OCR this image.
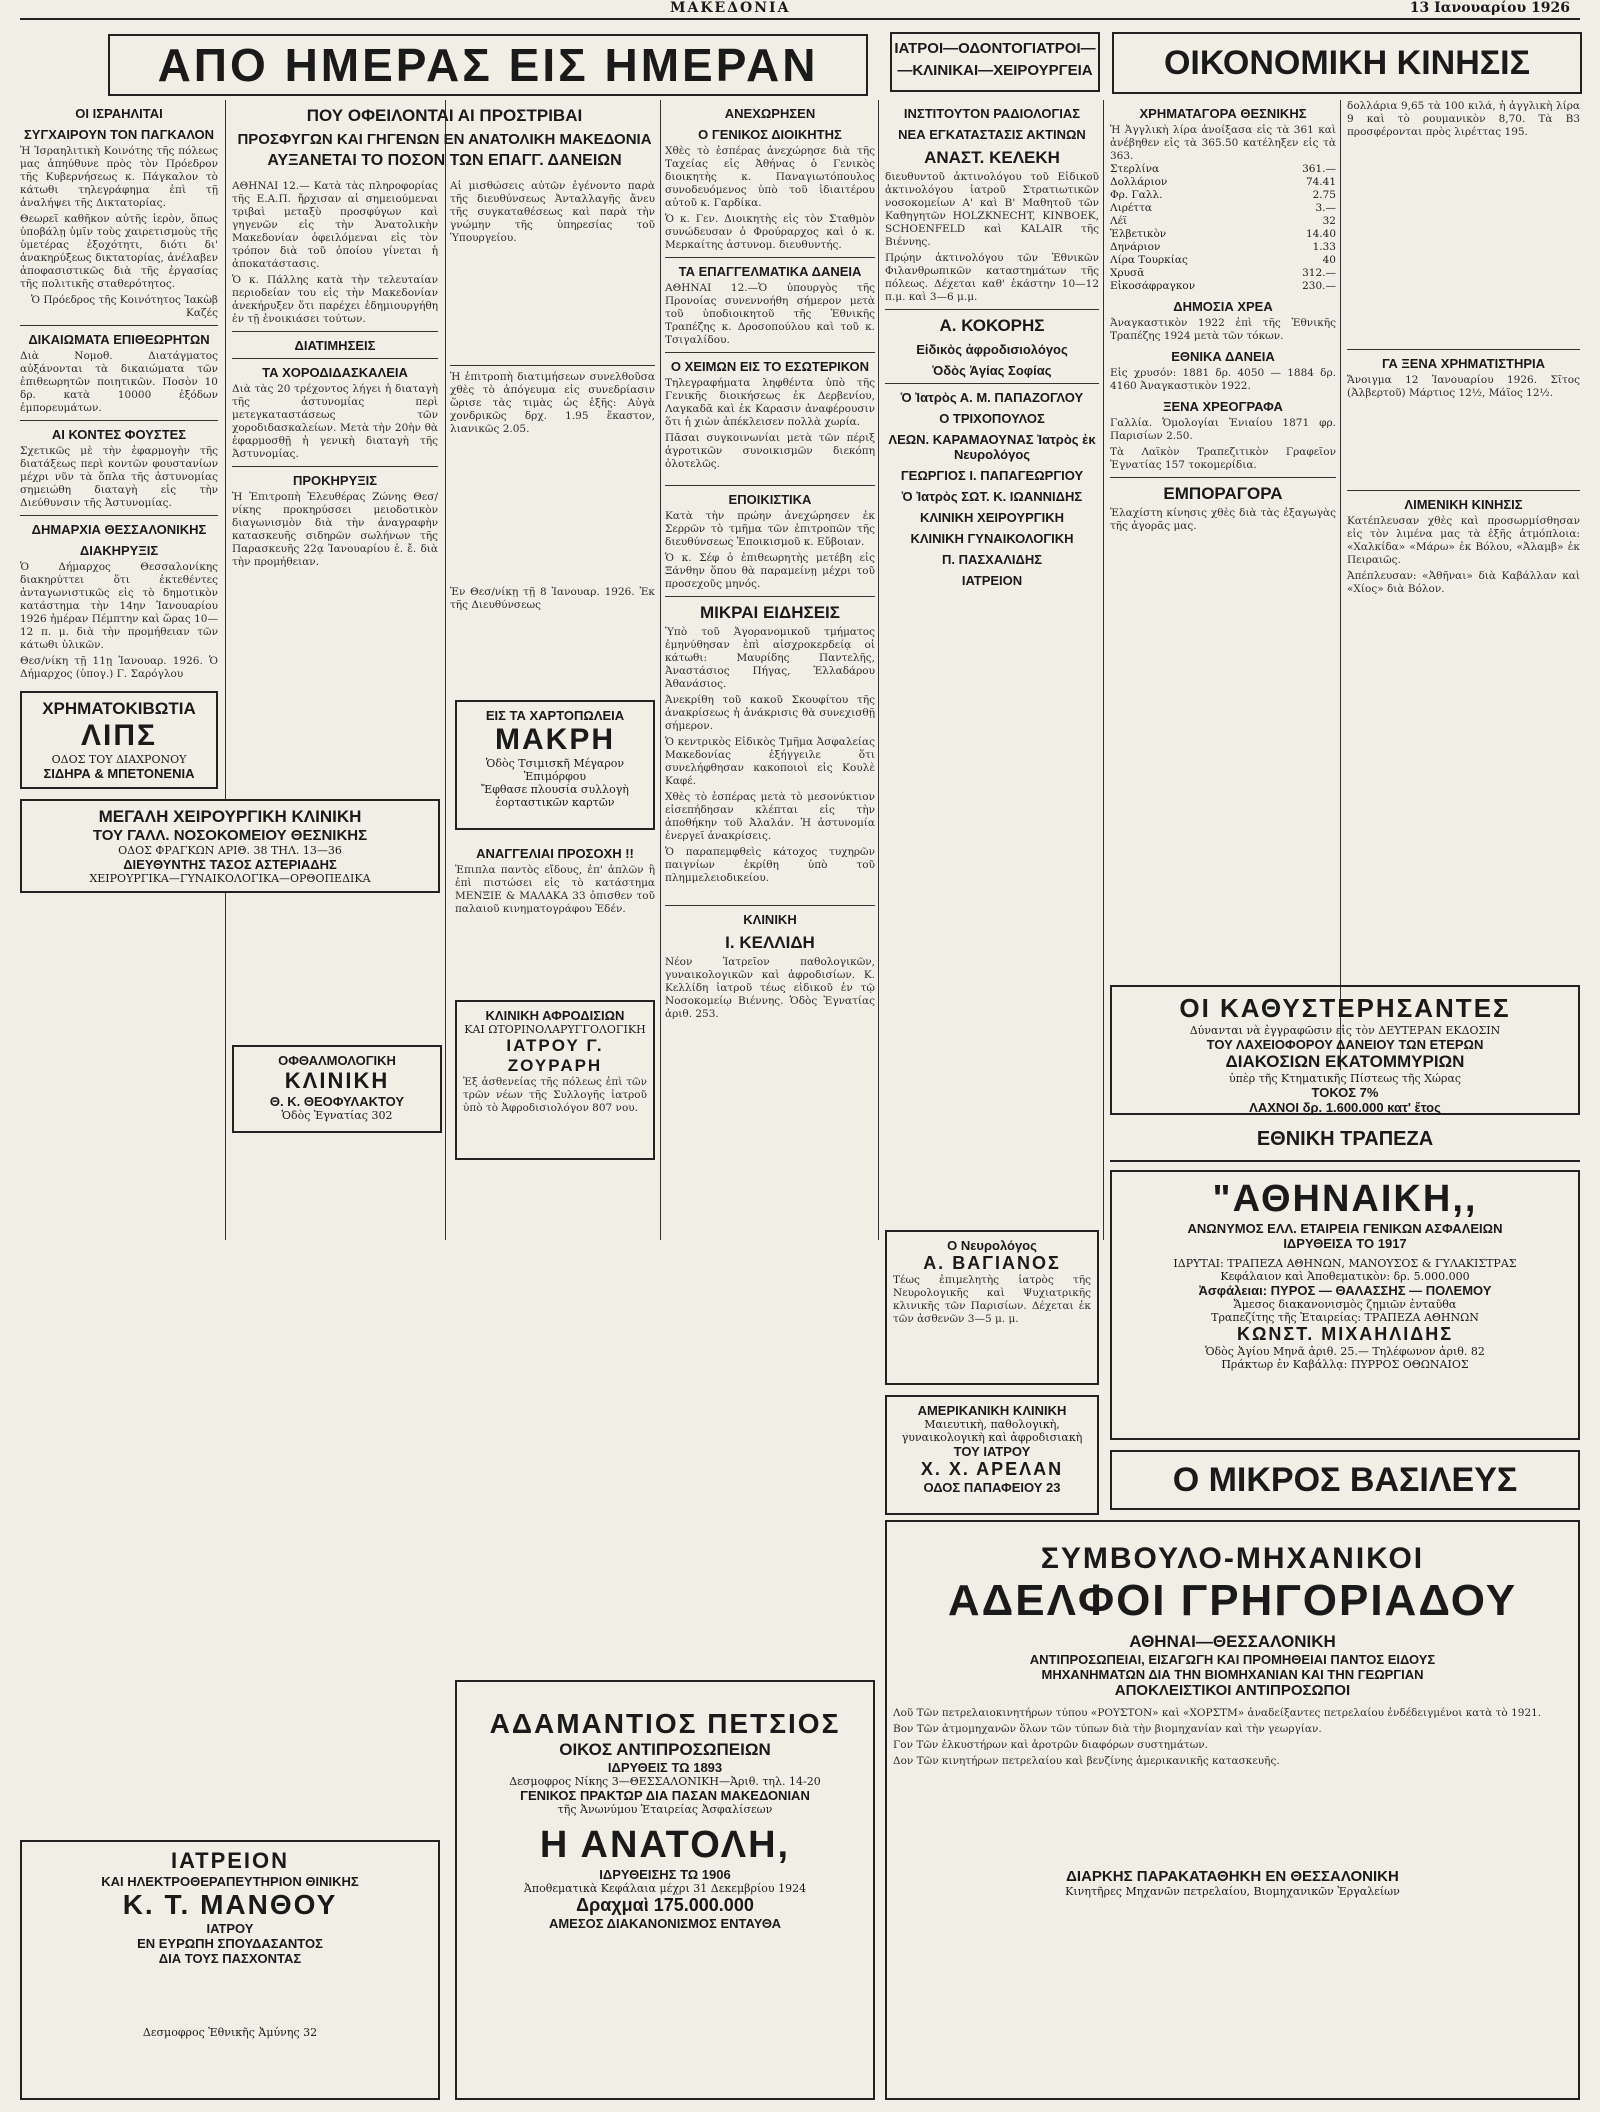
ΜΑΚΕΔΟΝΙΑ	13 Ιανουαρίου 1926
ΑΠΟ ΗΜΕΡΑΣ ΕΙΣ ΗΜΕΡΑΝ	ΙΑΤΡΟΙ—ΟΔΟΝΤΟΓΙΑΤΡΟΙ—
—ΚΛΙΝΙΚΑΙ—ΧΕΙΡΟΥΡΓΕΙΑ	ΟΙΚΟΝΟΜΙΚΗ ΚΙΝΗΣΙΣ
ΟΙ ΙΣΡΑΗΛΙΤΑΙ
ΣΥΓΧΑΙΡΟΥΝ ΤΟΝ ΠΑΓΚΑΛΟΝ

Ἡ Ἰσραηλιτικὴ Κοινότης τῆς πόλεως μας ἀπηύθυνε πρὸς τὸν Πρόεδρον τῆς Κυβερνήσεως κ. Πάγκαλον τὸ κάτωθι τηλεγράφημα ἐπὶ τῇ ἀναλήψει τῆς Δικτατορίας.

Θεωρεῖ καθῆκον αὐτῆς ἱερὸν, ὅπως ὑποβάλῃ ὑμῖν τοὺς χαιρετισμοὺς τῆς ὑμετέρας ἐξοχότητι, διότι δι' ἀνακηρύξεως δικτατορίας, ἀνέλαβεν ἀποφασιστικῶς διὰ τῆς ἐργασίας τῆς πολιτικῆς σταθερότητος.

Ὁ Πρόεδρος τῆς Κοινότητος Ἰακὼβ Καζές

ΔΙΚΑΙΩΜΑΤΑ ΕΠΙΘΕΩΡΗΤΩΝ

Διὰ Νομοθ. Διατάγματος αὐξάνονται τὰ δικαιώματα τῶν ἐπιθεωρητῶν ποιητικῶν. Ποσὸν 10 δρ. κατὰ 10000 ἐξόδων ἐμπορευμάτων.

ΑΙ ΚΟΝΤΕΣ ΦΟΥΣΤΕΣ

Σχετικῶς μὲ τὴν ἐφαρμογὴν τῆς διατάξεως περὶ κοντῶν φουστανίων μέχρι νῦν τὰ ὅπλα τῆς ἀστυνομίας σημειώθη διαταγὴ εἰς τὴν Διεύθυνσιν τῆς Ἀστυνομίας.

ΔΗΜΑΡΧΙΑ ΘΕΣΣΑΛΟΝΙΚΗΣ
ΔΙΑΚΗΡΥΞΙΣ

Ὁ Δήμαρχος Θεσσαλονίκης διακηρύττει ὅτι ἐκτεθέντες ἀνταγωνιστικῶς εἰς τὸ δημοτικὸν κατάστημα τὴν 14ην Ἰανουαρίου 1926 ἡμέραν Πέμπτην καὶ ὥρας 10—12 π. μ. διὰ τὴν προμήθειαν τῶν κάτωθι ὑλικῶν.

Θεσ/νίκη τῇ 11ῃ Ἰανουαρ. 1926. Ὁ Δήμαρχος (ὑπογ.) Γ. Σαρόγλου

ΧΡΗΜΑΤΟΚΙΒΩΤΙΑ
ΛΙΠΣ
ΟΔΟΣ ΤΟΥ ΔΙΑΧΡΟΝΟΥ
ΣΙΔΗΡΑ & ΜΠΕΤΟΝΕΝΙΑ
ΜΕΓΑΛΗ ΧΕΙΡΟΥΡΓΙΚΗ ΚΛΙΝΙΚΗ
ΤΟΥ ΓΑΛΛ. ΝΟΣΟΚΟΜΕΙΟΥ ΘΕΣΝΙΚΗΣ
ΟΔΟΣ ΦΡΑΓΚΩΝ ΑΡΙΘ. 38 ΤΗΛ. 13—36
ΔΙΕΥΘΥΝΤΗΣ ΤΑΣΟΣ ΑΣΤΕΡΙΑΔΗΣ
ΧΕΙΡΟΥΡΓΙΚΑ—ΓΥΝΑΙΚΟΛΟΓΙΚΑ—ΟΡΘΟΠΕΔΙΚΑ
ΙΑΤΡΕΙΟΝ
ΚΑΙ ΗΛΕΚΤΡΟΘΕΡΑΠΕΥΤΗΡΙΟΝ ΘΙΝΙΚΗΣ
Κ. Τ. ΜΑΝΘΟΥ
ΙΑΤΡΟΥ
ΕΝ ΕΥΡΩΠΗ ΣΠΟΥΔΑΣΑΝΤΟΣ
ΔΙΑ ΤΟΥΣ ΠΑΣΧΟΝΤΑΣ
Δεσμοφρος Ἐθνικῆς Ἀμύνης 32
ΠΟΥ ΟΦΕΙΛΟΝΤΑΙ ΑΙ ΠΡΟΣΤΡΙΒΑΙ
ΠΡΟΣΦΥΓΩΝ ΚΑΙ ΓΗΓΕΝΩΝ ΕΝ ΑΝΑΤΟΛΙΚΗ ΜΑΚΕΔΟΝΙΑ
ΑΥΞΑΝΕΤΑΙ ΤΟ ΠΟΣΟΝ ΤΩΝ ΕΠΑΓΓ. ΔΑΝΕΙΩΝ

ΑΘΗΝΑΙ 12.— Κατὰ τὰς πληροφορίας τῆς Ε.Α.Π. ἤρχισαν αἱ σημειούμεναι τριβαὶ μεταξὺ προσφύγων καὶ γηγενῶν εἰς τὴν Ἀνατολικὴν Μακεδονίαν ὀφειλόμεναι εἰς τὸν τρόπον διὰ τοῦ ὁποίου γίνεται ἡ ἀποκατάστασις.

Ὁ κ. Πάλλης κατὰ τὴν τελευταίαν περιοδείαν του εἰς τὴν Μακεδονίαν ἀνεκήρυξεν ὅτι παρέχει ἐδημιουργήθη ἐν τῇ ἐνοικιάσει τούτων.

ΔΙΑΤΙΜΗΣΕΙΣ
ΤΑ ΧΟΡΟΔΙΔΑΣΚΑΛΕΙΑ

Διὰ τὰς 20 τρέχοντος λήγει ἡ διαταγὴ τῆς ἀστυνομίας περὶ μετεγκαταστάσεως τῶν χοροδιδασκαλείων. Μετὰ τὴν 20ὴν θὰ ἐφαρμοσθῇ ἡ γενικὴ διαταγὴ τῆς Ἀστυνομίας.

ΠΡΟΚΗΡΥΞΙΣ

Ἡ Ἐπιτροπὴ Ἐλευθέρας Ζώνης Θεσ/νίκης προκηρύσσει μειοδοτικὸν διαγωνισμὸν διὰ τὴν ἀναγραφὴν κατασκευῆς σιδηρῶν σωλήνων τῆς Παρασκευῆς 22ᾳ Ἰανουαρίου ἐ. ἔ. διὰ τὴν προμήθειαν.

Αἱ μισθώσεις αὐτῶν ἐγένοντο παρὰ τῆς διευθύνσεως Ἀνταλλαγῆς ἄνευ τῆς συγκαταθέσεως καὶ παρὰ τὴν γνώμην τῆς ὑπηρεσίας τοῦ Ὑπουργείου.

Ἡ ἐπιτροπὴ διατιμήσεων συνελθοῦσα χθὲς τὸ ἀπόγευμα εἰς συνεδρίασιν ὥρισε τὰς τιμὰς ὡς ἑξῆς: Αὐγὰ χονδρικῶς δρχ. 1.95 ἕκαστον, λιανικῶς 2.05.

Ἐν Θεσ/νίκῃ τῇ 8 Ἰανουαρ. 1926. Ἐκ τῆς Διευθύνσεως

ΟΦΘΑΛΜΟΛΟΓΙΚΗ
ΚΛΙΝΙΚΗ
Θ. Κ. ΘΕΟΦΥΛΑΚΤΟΥ
Ὁδὸς Ἐγνατίας 302
ΑΝΕΧΩΡΗΣΕΝ
Ο ΓΕΝΙΚΟΣ ΔΙΟΙΚΗΤΗΣ

Χθὲς τὸ ἑσπέρας ἀνεχώρησε διὰ τῆς Ταχείας εἰς Ἀθήνας ὁ Γενικὸς διοικητὴς κ. Παναγιωτόπουλος συνοδευόμενος ὑπὸ τοῦ ἰδιαιτέρου αὐτοῦ κ. Γαρδίκα.

Ὁ κ. Γεν. Διοικητὴς εἰς τὸν Σταθμὸν συνώδευσαν ὁ Φρούραρχος καὶ ὁ κ. Μερκαίτης ἀστυνομ. διευθυντής.

ΤΑ ΕΠΑΓΓΕΛΜΑΤΙΚΑ ΔΑΝΕΙΑ

ΑΘΗΝΑΙ 12.—Ὁ ὑπουργὸς τῆς Προνοίας συνεννοήθη σήμερον μετὰ τοῦ ὑποδιοικητοῦ τῆς Ἐθνικῆς Τραπέζης κ. Δροσοπούλου καὶ τοῦ κ. Τσιγαλίδου.

Ο ΧΕΙΜΩΝ ΕΙΣ ΤΟ ΕΣΩΤΕΡΙΚΟΝ

Τηλεγραφήματα ληφθέντα ὑπὸ τῆς Γενικῆς διοικήσεως ἐκ Δερβενίου, Λαγκαδᾶ καὶ ἐκ Καρασιν ἀναφέρουσιν ὅτι ἡ χιὼν ἀπέκλεισεν πολλὰ χωρία.

Πᾶσαι συγκοινωνίαι μετὰ τῶν πέριξ ἀγροτικῶν συνοικισμῶν διεκόπη ὁλοτελῶς.

ΕΙΣ ΤΑ ΧΑΡΤΟΠΩΛΕΙΑ
ΜΑΚΡΗ
Ὁδὸς Τσιμισκῆ Μέγαρον Ἐπιμόρφου
Ἔφθασε πλουσία συλλογὴ ἑορταστικῶν καρτῶν
ΑΝΑΓΓΕΛΙΑΙ ΠΡΟΣΟΧΗ !!

Ἐπιπλα παντὸς εἴδους, ἐπ' ἀπλῶν ἢ ἐπὶ πιστώσει εἰς τὸ κατάστημα ΜΕΝΞΙΕ & ΜΑΛΑΚΑ 33 ὀπισθεν τοῦ παλαιοῦ κινηματογράφου Ἐδέν.

ΚΛΙΝΙΚΗ ΑΦΡΟΔΙΣΙΩΝ
ΚΑΙ ΩΤΟΡΙΝΟΛΑΡΥΓΓΟΛΟΓΙΚΗ
ΙΑΤΡΟΥ Γ. ΖΟΥΡΑΡΗ

Ἐξ ἀσθενείας τῆς πόλεως ἐπὶ τῶν τρῶν νέων τῆς Συλλογῆς ἰατροῦ ὑπὸ τὸ Ἀφροδισιολόγον 807 νου.

ΑΔΑΜΑΝΤΙΟΣ ΠΕΤΣΙΟΣ
ΟΙΚΟΣ ΑΝΤΙΠΡΟΣΩΠΕΙΩΝ
ΙΔΡΥΘΕΙΣ ΤΩ 1893
Δεσμοφρος Νίκης 3—ΘΕΣΣΑΛΟΝΙΚΗ—Ἀριθ. τηλ. 14-20
ΓΕΝΙΚΟΣ ΠΡΑΚΤΩΡ ΔΙΑ ΠΑΣΑΝ ΜΑΚΕΔΟΝΙΑΝ
τῆς Ἀνωνύμου Ἑταιρείας Ἀσφαλίσεων
Η ΑΝΑΤΟΛΗ,
ΙΔΡΥΘΕΙΣΗΣ ΤΩ 1906
Ἀποθεματικὰ Κεφάλαια μέχρι 31 Δεκεμβρίου 1924
Δραχμαὶ 175.000.000
ΑΜΕΣΟΣ ΔΙΑΚΑΝΟΝΙΣΜΟΣ ΕΝΤΑΥΘΑ
ΕΠΟΙΚΙΣΤΙΚΑ

Κατὰ τὴν πρώην ἀνεχώρησεν ἐκ Σερρῶν τὸ τμῆμα τῶν ἐπιτροπῶν τῆς διευθύνσεως Ἐποικισμοῦ κ. Εὔβοιαν.

Ὁ κ. Σέφ ὁ ἐπιθεωρητὴς μετέβη εἰς Ξάνθην ὅπου θὰ παραμείνῃ μέχρι τοῦ προσεχοῦς μηνός.

ΜΙΚΡΑΙ ΕΙΔΗΣΕΙΣ

Ὑπὸ τοῦ Ἀγορανομικοῦ τμήματος ἐμηνύθησαν ἐπὶ αἰσχροκερδείᾳ οἱ κάτωθι: Μαυρίδης Παντελῆς, Ἀναστάσιος Πήγας, Ἐλλαδάρου Ἀθανάσιος.

Ἀνεκρίθη τοῦ κακοῦ Σκουφίτου τῆς ἀνακρίσεως ἡ ἀνάκρισις θὰ συνεχισθῇ σήμερον.

Ὁ κεντρικὸς Εἰδικὸς Τμῆμα Ἀσφαλείας Μακεδονίας ἐξήγγειλε ὅτι συνελήφθησαν κακοποιοὶ εἰς Κουλὲ Καφέ.

Χθὲς τὸ ἑσπέρας μετὰ τὸ μεσονύκτιον εἰσεπήδησαν κλέπται εἰς τὴν ἀποθήκην τοῦ Ἀλαλάν. Ἡ ἀστυνομία ἐνεργεῖ ἀνακρίσεις.

Ὁ παραπεμφθεὶς κάτοχος τυχηρῶν παιγνίων ἐκρίθη ὑπὸ τοῦ πλημμελειοδικείου.

ΚΛΙΝΙΚΗ
Ι. ΚΕΛΛΙΔΗ

Νέον Ἰατρεῖον παθολογικῶν, γυναικολογικῶν καὶ ἀφροδισίων. Κ. Κελλίδη ἰατροῦ τέως εἰδικοῦ ἐν τῷ Νοσοκομείῳ Βιέννης. Ὁδὸς Ἐγνατίας ἀριθ. 253.

ΙΝΣΤΙΤΟΥΤΟΝ ΡΑΔΙΟΛΟΓΙΑΣ
ΝΕΑ ΕΓΚΑΤΑΣΤΑΣΙΣ ΑΚΤΙΝΩΝ
ΑΝΑΣΤ. ΚΕΛΕΚΗ

διευθυντοῦ ἀκτινολόγου τοῦ Εἰδικοῦ ἀκτινολόγου ἰατροῦ Στρατιωτικῶν νοσοκομείων Α' καὶ Β' Μαθητοῦ τῶν Καθηγητῶν HOLZKNECHT, KINBOEK, SCHOENFELD καὶ KALAIR τῆς Βιέννης.

Πρῴην ἀκτινολόγου τῶν Ἐθνικῶν Φιλανθρωπικῶν καταστημάτων τῆς πόλεως. Δέχεται καθ' ἑκάστην 10—12 π.μ. καὶ 3—6 μ.μ.

Α. ΚΟΚΟΡΗΣ
Εἰδικὸς ἀφροδισιολόγος
Ὁδὸς Ἁγίας Σοφίας
Ὁ Ἰατρὸς Α. Μ. ΠΑΠΑΖΟΓΛΟΥ
Ο ΤΡΙΧΟΠΟΥΛΟΣ
ΛΕΩΝ. ΚΑΡΑΜΑΟΥΝΑΣ Ἰατρὸς ἐκ Νευρολόγος
ΓΕΩΡΓΙΟΣ Ι. ΠΑΠΑΓΕΩΡΓΙΟΥ
Ὁ Ἰατρὸς ΣΩΤ. Κ. ΙΩΑΝΝΙΔΗΣ
ΚΛΙΝΙΚΗ ΧΕΙΡΟΥΡΓΙΚΗ
ΚΛΙΝΙΚΗ ΓΥΝΑΙΚΟΛΟΓΙΚΗ
Π. ΠΑΣΧΑΛΙΔΗΣ
ΙΑΤΡΕΙΟΝ
Ο Νευρολόγος
Α. ΒΑΓΙΑΝΟΣ

Τέως ἐπιμελητὴς ἰατρὸς τῆς Νευρολογικῆς καὶ Ψυχιατρικῆς κλινικῆς τῶν Παρισίων. Δέχεται ἐκ τῶν ἀσθενῶν 3—5 μ. μ.

ΑΜΕΡΙΚΑΝΙΚΗ ΚΛΙΝΙΚΗ
Μαιευτικὴ, παθολογικὴ, γυναικολογικὴ καὶ ἀφροδισιακὴ
ΤΟΥ ΙΑΤΡΟΥ
Χ. Χ. ΑΡΕΛΑΝ
ΟΔΟΣ ΠΑΠΑΦΕΙΟΥ 23
ΧΡΗΜΑΤΑΓΟΡΑ ΘΕΣΝΙΚΗΣ

Ἡ Ἀγγλικὴ λίρα ἀνοίξασα εἰς τὰ 361 καὶ ἀνέβηθεν εἰς τὰ 365.50 κατέληξεν εἰς τὰ 363.

Στερλίνα	361.—
Δολλάριον	74.41
Φρ. Γαλλ.	2.75
Λιρέττα	3.—
Λέϊ	32
Ἑλβετικὸν	14.40
Δηνάριον	1.33
Λίρα Τουρκίας	40
Χρυσᾶ	312.—
Εἰκοσάφραγκον	230.—
ΔΗΜΟΣΙΑ ΧΡΕΑ

Ἀναγκαστικὸν 1922 ἐπὶ τῆς Ἐθνικῆς Τραπέζης 1924 μετὰ τῶν τόκων.

ΕΘΝΙΚΑ ΔΑΝΕΙΑ

Εἰς χρυσόν: 1881 δρ. 4050 — 1884 δρ. 4160 Ἀναγκαστικὸν 1922.

ΞΕΝΑ ΧΡΕΟΓΡΑΦΑ

Γαλλία. Ὁμολογίαι Ἐνιαίου 1871 φρ. Παρισίων 2.50.

Τὰ Λαϊκὸν Τραπεζιτικὸν Γραφεῖον Ἐγνατίας 157 τοκομερίδια.

ΕΜΠΟΡΑΓΟΡΑ

Ἐλαχίστη κίνησις χθὲς διὰ τὰς ἐξαγωγὰς τῆς ἀγορᾶς μας.

δολλάρια 9,65 τὰ 100 κιλά, ἡ ἀγγλικὴ λίρα 9 καὶ τὸ ρουμανικὸν 8,70. Τὰ Β3 προσφέρονται πρὸς λιρέττας 195.

ΓΑ ΞΕΝΑ ΧΡΗΜΑΤΙΣΤΗΡΙΑ

Ἄνοιγμα 12 Ἰανουαρίου 1926. Σῖτος (Ἀλβερτοῦ) Μάρτιος 12½, Μάϊος 12½.

ΛΙΜΕΝΙΚΗ ΚΙΝΗΣΙΣ

Κατέπλευσαν χθὲς καὶ προσωρμίσθησαν εἰς τὸν λιμένα μας τὰ ἑξῆς ἀτμόπλοια: «Χαλκίδα» «Μάρω» ἐκ Βόλου, «Ἀλαμβ» ἐκ Πειραιῶς.

Ἀπέπλευσαν: «Ἀθῆναι» διὰ Καβάλλαν καὶ «Χίος» διὰ Βόλον.

ΟΙ ΚΑΘΥΣΤΕΡΗΣΑΝΤΕΣ
Δύνανται νὰ ἐγγραφῶσιν εἰς τὸν ΔΕΥΤΕΡΑΝ ΕΚΔΟΣΙΝ
ΤΟΥ ΛΑΧΕΙΟΦΟΡΟΥ ΔΑΝΕΙΟΥ ΤΩΝ ΕΤΕΡΩΝ
ΔΙΑΚΟΣΙΩΝ ΕΚΑΤΟΜΜΥΡΙΩΝ
ὑπὲρ τῆς Κτηματικῆς Πίστεως τῆς Χώρας
ΤΟΚΟΣ 7%
ΛΑΧΝΟΙ δρ. 1.600.000 κατ' ἔτος
ΕΘΝΙΚΗ ΤΡΑΠΕΖΑ
"ΑΘΗΝΑΙΚΗ,,
ΑΝΩΝΥΜΟΣ ΕΛΛ. ΕΤΑΙΡΕΙΑ ΓΕΝΙΚΩΝ ΑΣΦΑΛΕΙΩΝ
ΙΔΡΥΘΕΙΣΑ ΤΟ 1917
ΙΔΡΥΤΑΙ: ΤΡΑΠΕΖΑ ΑΘΗΝΩΝ, ΜΑΝΟΥΣΟΣ & ΓΥΛΑΚΙΣΤΡΑΣ
Κεφάλαιον καὶ Ἀποθεματικὸν: δρ. 5.000.000
Ἀσφάλειαι: ΠΥΡΟΣ — ΘΑΛΑΣΣΗΣ — ΠΟΛΕΜΟΥ
Ἄμεσος διακανονισμὸς ζημιῶν ἐνταῦθα
Τραπεζίτης τῆς Ἑταιρείας: ΤΡΑΠΕΖΑ ΑΘΗΝΩΝ
ΚΩΝΣΤ. ΜΙΧΑΗΛΙΔΗΣ
Ὁδὸς Ἀγίου Μηνᾶ ἀριθ. 25.— Τηλέφωνον ἀριθ. 82
Πράκτωρ ἐν Καβάλλᾳ: ΠΥΡΡΟΣ ΟΘΩΝΑΙΟΣ
Ο ΜΙΚΡΟΣ ΒΑΣΙΛΕΥΣ
ΣΥΜΒΟΥΛΟ-ΜΗΧΑΝΙΚΟΙ
ΑΔΕΛΦΟΙ ΓΡΗΓΟΡΙΑΔΟΥ
ΑΘΗΝΑΙ—ΘΕΣΣΑΛΟΝΙΚΗ
ΑΝΤΙΠΡΟΣΩΠΕΙΑΙ, ΕΙΣΑΓΩΓΗ ΚΑΙ ΠΡΟΜΗΘΕΙΑΙ ΠΑΝΤΟΣ ΕΙΔΟΥΣ
ΜΗΧΑΝΗΜΑΤΩΝ ΔΙΑ ΤΗΝ ΒΙΟΜΗΧΑΝΙΑΝ ΚΑΙ ΤΗΝ ΓΕΩΡΓΙΑΝ
ΑΠΟΚΛΕΙΣΤΙΚΟΙ ΑΝΤΙΠΡΟΣΩΠΟΙ

Λοῦ Τῶν πετρελαιοκινητήρων τύπου «ΡΟΥΣΤΟΝ» καὶ «ΧΟΡΣΤΜ» ἀναδείξαντες πετρελαίου ἐνδέδειγμένοι κατὰ τὸ 1921.

Βον Τῶν ἀτμομηχανῶν ὅλων τῶν τύπων διὰ τὴν βιομηχανίαν καὶ τὴν γεωργίαν.

Γον Τῶν ἐλκυστήρων καὶ ἀροτρῶν διαφόρων συστημάτων.

Δον Τῶν κινητήρων πετρελαίου καὶ βενζίνης ἀμερικανικῆς κατασκευῆς.

ΔΙΑΡΚΗΣ ΠΑΡΑΚΑΤΑΘΗΚΗ ΕΝ ΘΕΣΣΑΛΟΝΙΚΗ
Κινητῆρες Μηχανῶν πετρελαίου, Βιομηχανικῶν Ἐργαλείων
